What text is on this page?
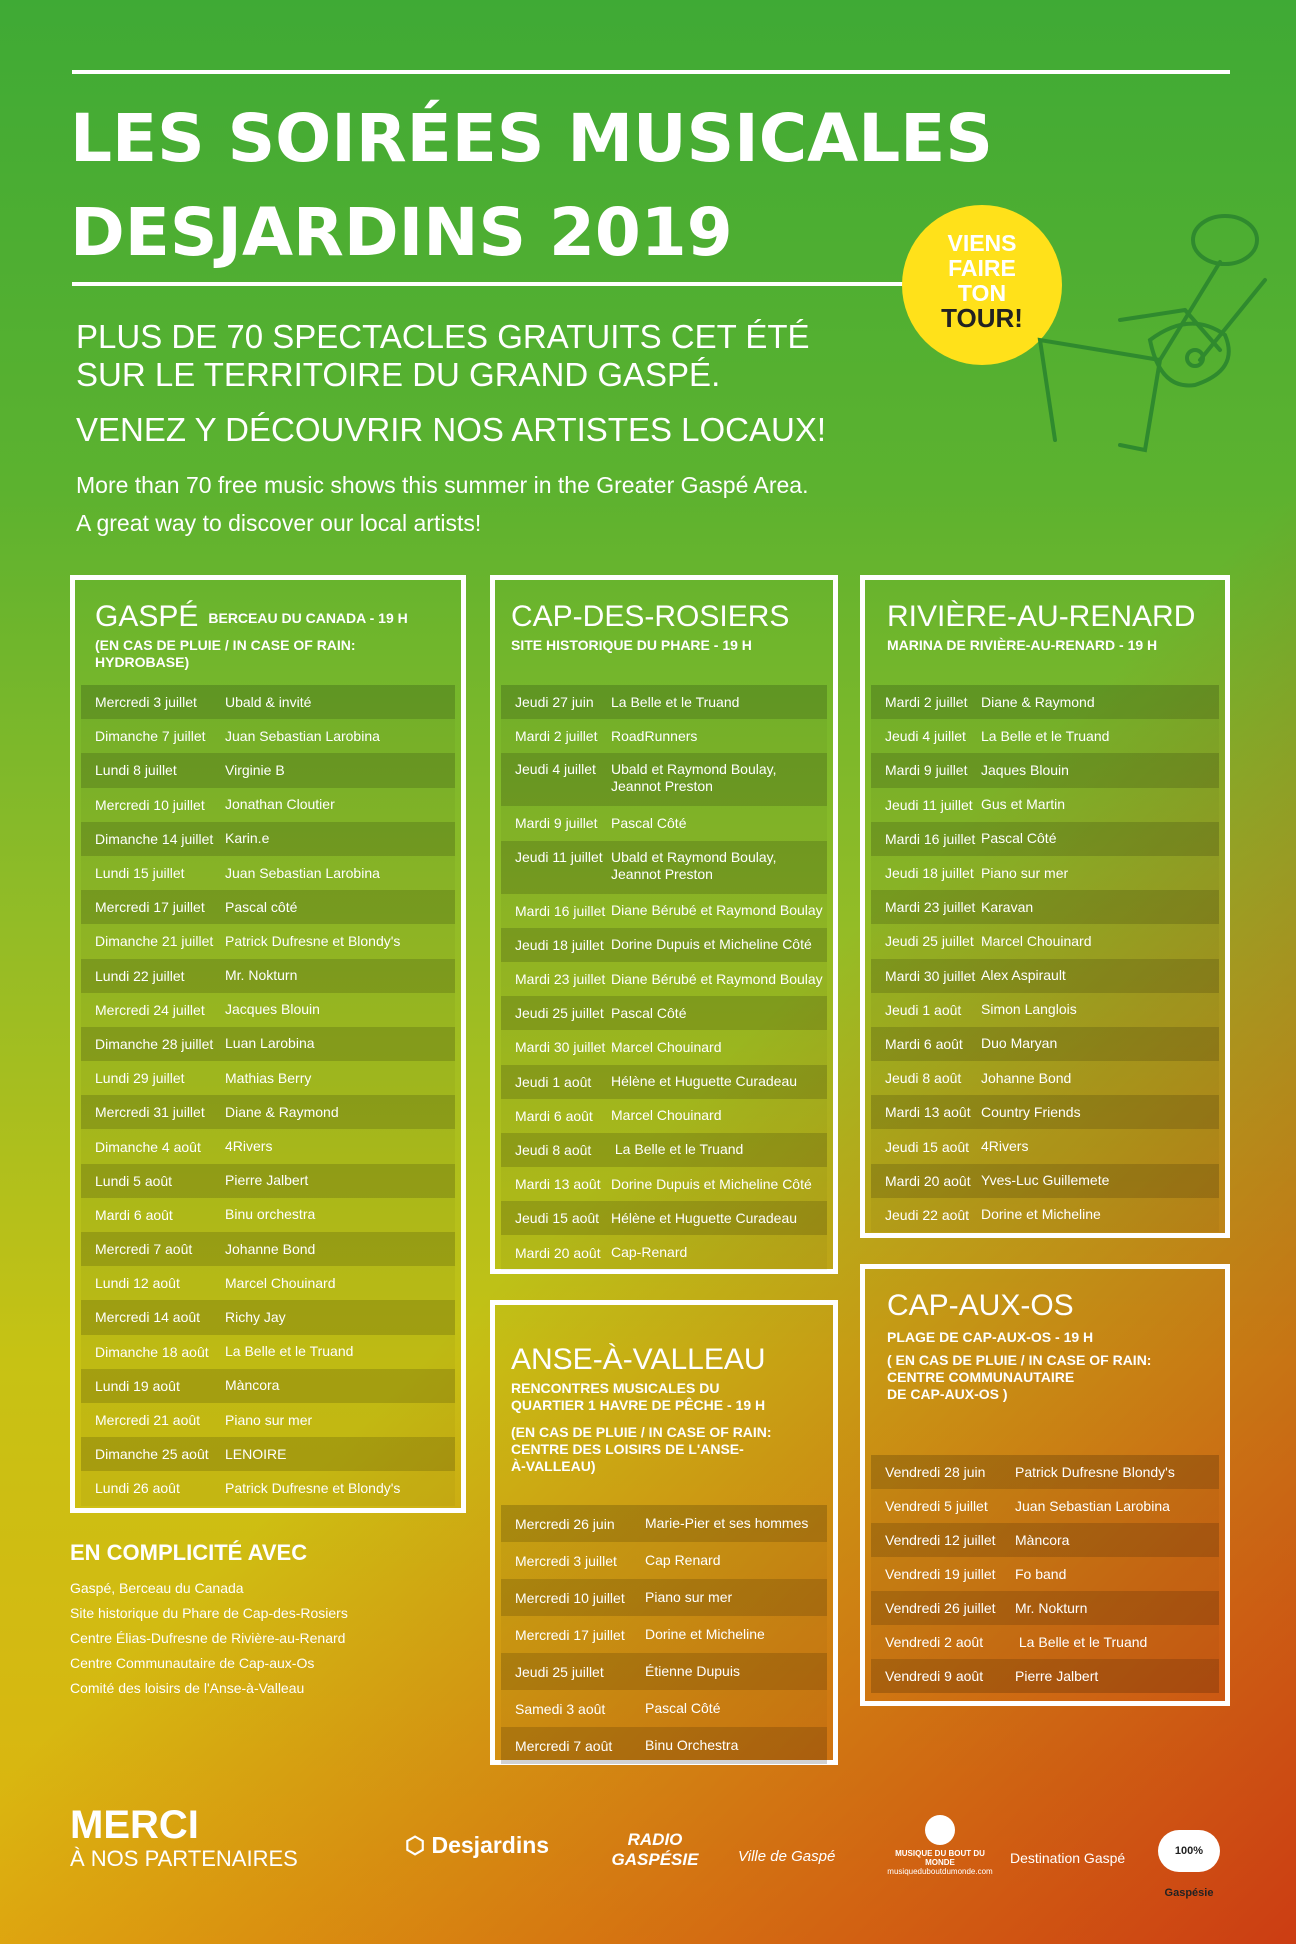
LES SOIRÉES MUSICALES
DESJARDINS 2019	VIENS
FAIRE
TON
TOUR!
PLUS DE 70 SPECTACLES GRATUITS CET ÉTÉ
SUR LE TERRITOIRE DU GRAND GASPÉ.
VENEZ Y DÉCOUVRIR NOS ARTISTES LOCAUX!
More than 70 free music shows this summer in the Greater Gaspé Area.
A great way to discover our local artists!
GASPÉ BERCEAU DU CANADA - 19 H
(EN CAS DE PLUIE / IN CASE OF RAIN: HYDROBASE)
Mercredi 3 juillet Ubald & invité
Dimanche 7 juillet Juan Sebastian Larobina
Lundi 8 juillet	Virginie B
Mercredi 10 juillet Jonathan Cloutier
Dimanche 14 juillet Karin.e
Lundi 15 juillet	Juan Sebastian Larobina
Mercredi 17 juillet Pascal côté
Dimanche 21 juillet Patrick Dufresne et Blondy's
Lundi 22 juillet	Mr. Nokturn
Mercredi 24 juillet Jacques Blouin
Dimanche 28 juillet Luan Larobina
Lundi 29 juillet	Mathias Berry
Mercredi 31 juillet Diane & Raymond
Dimanche 4 août 4Rivers
Lundi 5 août	Pierre Jalbert
Mardi 6 août	Binu orchestra
Mercredi 7 août Johanne Bond
Lundi 12 août	Marcel Chouinard
Mercredi 14 août Richy Jay
Dimanche 18 août La Belle et le Truand
Lundi 19 août	Màncora
Mercredi 21 août Piano sur mer
Dimanche 25 août LENOIRE
Lundi 26 août	Patrick Dufresne et Blondy's
CAP-DES-ROSIERS
SITE HISTORIQUE DU PHARE - 19 H
Jeudi 27 juin La Belle et le Truand
Mardi 2 juillet RoadRunners
Jeudi 4 juillet Ubald et Raymond Boulay,
Jeannot Preston
Mardi 9 juillet Pascal Côté
Jeudi 11 juillet Ubald et Raymond Boulay,
Jeannot Preston
Mardi 16 juillet Diane Bérubé et Raymond Boulay
Jeudi 18 juillet Dorine Dupuis et Micheline Côté
Mardi 23 juillet Diane Bérubé et Raymond Boulay
Jeudi 25 juillet Pascal Côté
Mardi 30 juillet Marcel Chouinard
Jeudi 1 août Hélène et Huguette Curadeau
Mardi 6 août Marcel Chouinard
Jeudi 8 août La Belle et le Truand
Mardi 13 août Dorine Dupuis et Micheline Côté
Jeudi 15 août Hélène et Huguette Curadeau
Mardi 20 août Cap-Renard
RIVIÈRE-AU-RENARD
MARINA DE RIVIÈRE-AU-RENARD - 19 H
Mardi 2 juillet Diane & Raymond
Jeudi 4 juillet La Belle et le Truand
Mardi 9 juillet Jaques Blouin
Jeudi 11 juillet Gus et Martin
Mardi 16 juillet Pascal Côté
Jeudi 18 juillet Piano sur mer
Mardi 23 juillet Karavan
Jeudi 25 juillet Marcel Chouinard
Mardi 30 juillet Alex Aspirault
Jeudi 1 août Simon Langlois
Mardi 6 août Duo Maryan
Jeudi 8 août Johanne Bond
Mardi 13 août Country Friends
Jeudi 15 août 4Rivers
Mardi 20 août Yves-Luc Guillemete
Jeudi 22 août Dorine et Micheline
ANSE-À-VALLEAU
RENCONTRES MUSICALES DU
QUARTIER 1 HAVRE DE PÊCHE - 19 H
(EN CAS DE PLUIE / IN CASE OF RAIN:
CENTRE DES LOISIRS DE L'ANSE-
À-VALLEAU)
Mercredi 26 juin Marie-Pier et ses hommes
Mercredi 3 juillet Cap Renard
Mercredi 10 juillet Piano sur mer
Mercredi 17 juillet Dorine et Micheline
Jeudi 25 juillet	Étienne Dupuis
Samedi 3 août	Pascal Côté
Mercredi 7 août Binu Orchestra
CAP-AUX-OS
PLAGE DE CAP-AUX-OS - 19 H
( EN CAS DE PLUIE / IN CASE OF RAIN:
CENTRE COMMUNAUTAIRE
DE CAP-AUX-OS )
Vendredi 28 juin Patrick Dufresne Blondy's
Vendredi 5 juillet Juan Sebastian Larobina
Vendredi 12 juillet Màncora
Vendredi 19 juillet Fo band
Vendredi 26 juillet Mr. Nokturn
Vendredi 2 août La Belle et le Truand
Vendredi 9 août Pierre Jalbert
EN COMPLICITÉ AVEC
Gaspé, Berceau du Canada
Site historique du Phare de Cap-des-Rosiers
Centre Élias-Dufresne de Rivière-au-Renard
Centre Communautaire de Cap-aux-Os
Comité des loisirs de l'Anse-à-Valleau
MERCI
À NOS PARTENAIRES
⬡ Desjardins	RADIO GASPÉSIE	Ville de Gaspé	MUSIQUE DU BOUT DU MONDE
musiqueduboutdumonde.com
Destination Gaspé	100% Gaspésie
